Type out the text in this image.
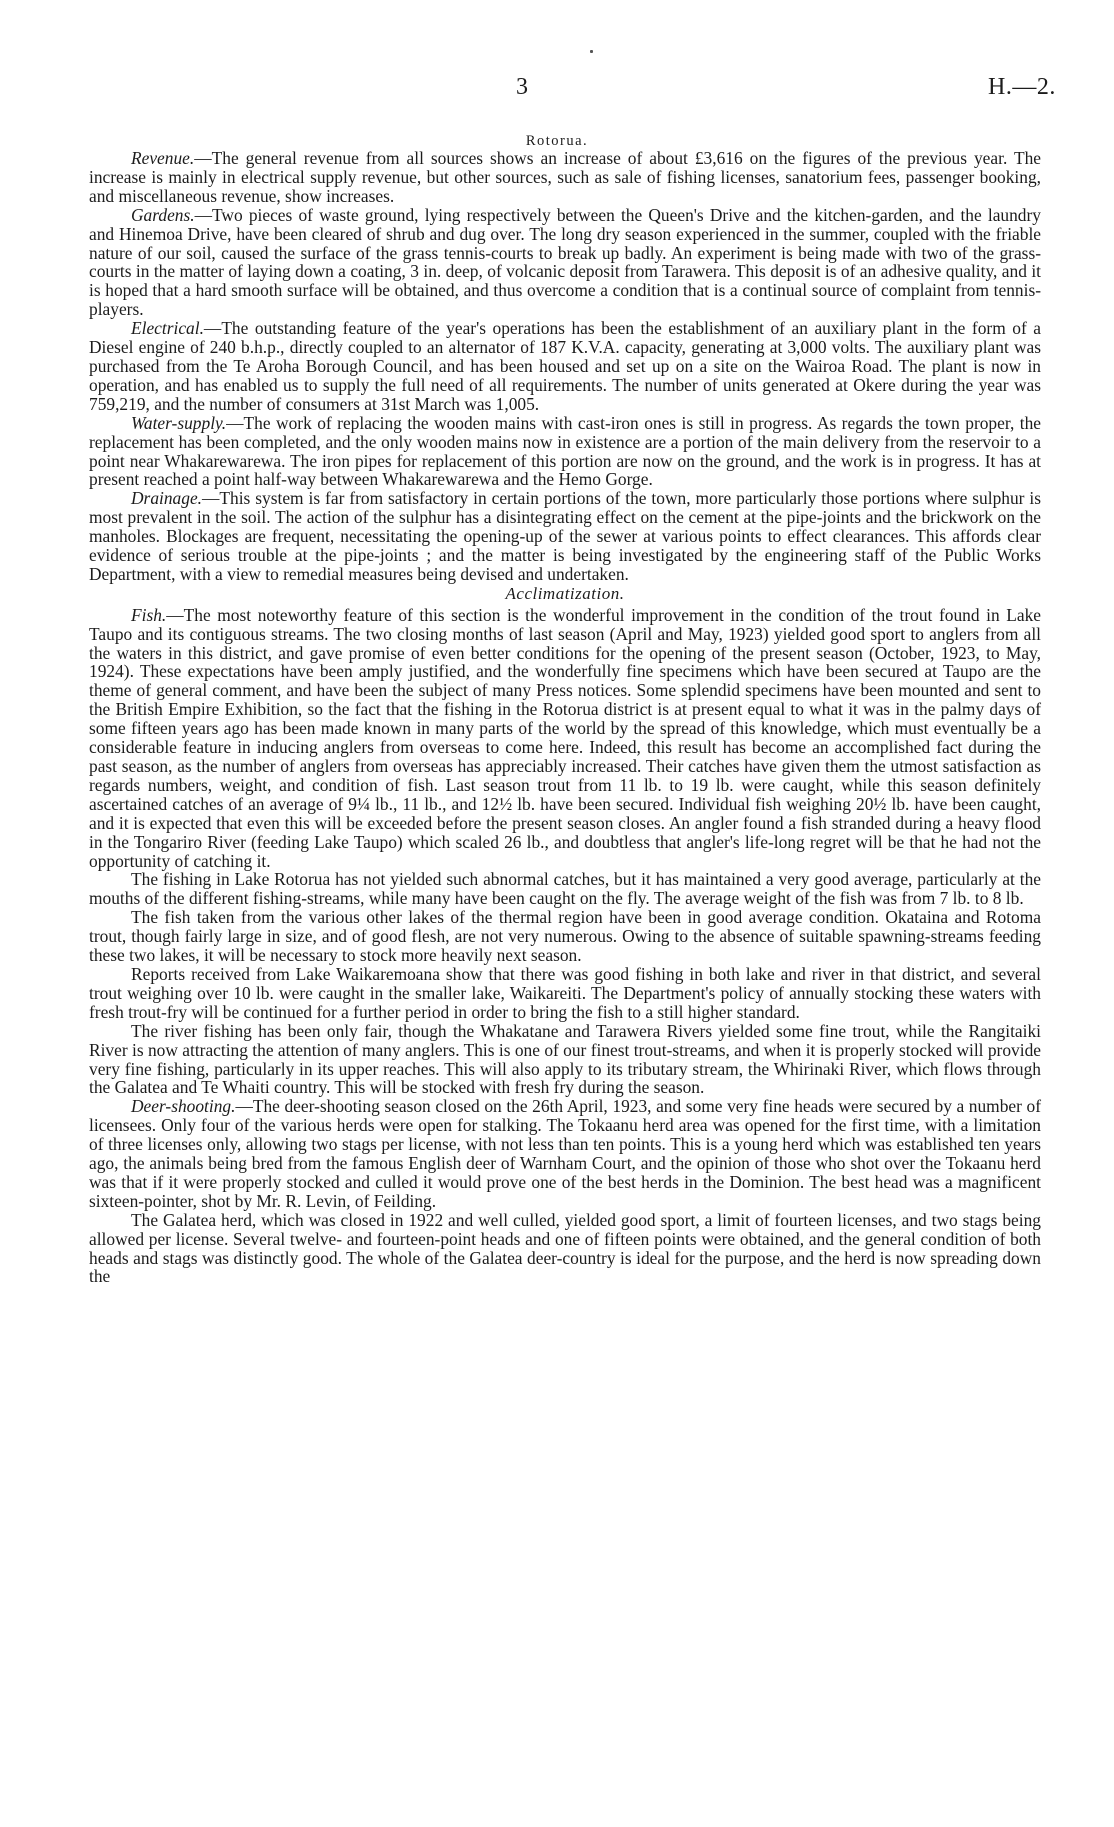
3	H.—2.
Rotorua.

Revenue.—The general revenue from all sources shows an increase of about £3,616 on the figures of the previous year. The increase is mainly in electrical supply revenue, but other sources, such as sale of fishing licenses, sanatorium fees, passenger booking, and miscellaneous revenue, show increases.

Gardens.—Two pieces of waste ground, lying respectively between the Queen's Drive and the kitchen-garden, and the laundry and Hinemoa Drive, have been cleared of shrub and dug over. The long dry season experienced in the summer, coupled with the friable nature of our soil, caused the surface of the grass tennis-courts to break up badly. An experiment is being made with two of the grass-courts in the matter of laying down a coating, 3 in. deep, of volcanic deposit from Tarawera. This deposit is of an adhesive quality, and it is hoped that a hard smooth surface will be obtained, and thus overcome a condition that is a continual source of complaint from tennis-players.

Electrical.—The outstanding feature of the year's operations has been the establishment of an auxiliary plant in the form of a Diesel engine of 240 b.h.p., directly coupled to an alternator of 187 K.V.A. capacity, generating at 3,000 volts. The auxiliary plant was purchased from the Te Aroha Borough Council, and has been housed and set up on a site on the Wairoa Road. The plant is now in operation, and has enabled us to supply the full need of all requirements. The number of units generated at Okere during the year was 759,219, and the number of consumers at 31st March was 1,005.

Water-supply.—The work of replacing the wooden mains with cast-iron ones is still in progress. As regards the town proper, the replacement has been completed, and the only wooden mains now in existence are a portion of the main delivery from the reservoir to a point near Whakarewarewa. The iron pipes for replacement of this portion are now on the ground, and the work is in progress. It has at present reached a point half-way between Whakarewarewa and the Hemo Gorge.

Drainage.—This system is far from satisfactory in certain portions of the town, more particularly those portions where sulphur is most prevalent in the soil. The action of the sulphur has a disintegrating effect on the cement at the pipe-joints and the brickwork on the manholes. Blockages are frequent, necessitating the opening-up of the sewer at various points to effect clearances. This affords clear evidence of serious trouble at the pipe-joints ; and the matter is being investigated by the engineering staff of the Public Works Department, with a view to remedial measures being devised and undertaken.

Acclimatization.

Fish.—The most noteworthy feature of this section is the wonderful improvement in the condition of the trout found in Lake Taupo and its contiguous streams. The two closing months of last season (April and May, 1923) yielded good sport to anglers from all the waters in this district, and gave promise of even better conditions for the opening of the present season (October, 1923, to May, 1924). These expectations have been amply justified, and the wonderfully fine specimens which have been secured at Taupo are the theme of general comment, and have been the subject of many Press notices. Some splendid specimens have been mounted and sent to the British Empire Exhibition, so the fact that the fishing in the Rotorua district is at present equal to what it was in the palmy days of some fifteen years ago has been made known in many parts of the world by the spread of this knowledge, which must eventually be a considerable feature in inducing anglers from overseas to come here. Indeed, this result has become an accomplished fact during the past season, as the number of anglers from overseas has appreciably increased. Their catches have given them the utmost satisfaction as regards numbers, weight, and condition of fish. Last season trout from 11 lb. to 19 lb. were caught, while this season definitely ascertained catches of an average of 9¼ lb., 11 lb., and 12½ lb. have been secured. Individual fish weighing 20½ lb. have been caught, and it is expected that even this will be exceeded before the present season closes. An angler found a fish stranded during a heavy flood in the Tongariro River (feeding Lake Taupo) which scaled 26 lb., and doubtless that angler's life-long regret will be that he had not the opportunity of catching it.

The fishing in Lake Rotorua has not yielded such abnormal catches, but it has maintained a very good average, particularly at the mouths of the different fishing-streams, while many have been caught on the fly. The average weight of the fish was from 7 lb. to 8 lb.

The fish taken from the various other lakes of the thermal region have been in good average condition. Okataina and Rotoma trout, though fairly large in size, and of good flesh, are not very numerous. Owing to the absence of suitable spawning-streams feeding these two lakes, it will be necessary to stock more heavily next season.

Reports received from Lake Waikaremoana show that there was good fishing in both lake and river in that district, and several trout weighing over 10 lb. were caught in the smaller lake, Waikareiti. The Department's policy of annually stocking these waters with fresh trout-fry will be continued for a further period in order to bring the fish to a still higher standard.

The river fishing has been only fair, though the Whakatane and Tarawera Rivers yielded some fine trout, while the Rangitaiki River is now attracting the attention of many anglers. This is one of our finest trout-streams, and when it is properly stocked will provide very fine fishing, particularly in its upper reaches. This will also apply to its tributary stream, the Whirinaki River, which flows through the Galatea and Te Whaiti country. This will be stocked with fresh fry during the season.

Deer-shooting.—The deer-shooting season closed on the 26th April, 1923, and some very fine heads were secured by a number of licensees. Only four of the various herds were open for stalking. The Tokaanu herd area was opened for the first time, with a limitation of three licenses only, allowing two stags per license, with not less than ten points. This is a young herd which was established ten years ago, the animals being bred from the famous English deer of Warnham Court, and the opinion of those who shot over the Tokaanu herd was that if it were properly stocked and culled it would prove one of the best herds in the Dominion. The best head was a magnificent sixteen-pointer, shot by Mr. R. Levin, of Feilding.

The Galatea herd, which was closed in 1922 and well culled, yielded good sport, a limit of fourteen licenses, and two stags being allowed per license. Several twelve- and fourteen-point heads and one of fifteen points were obtained, and the general condition of both heads and stags was distinctly good. The whole of the Galatea deer-country is ideal for the purpose, and the herd is now spreading down the
